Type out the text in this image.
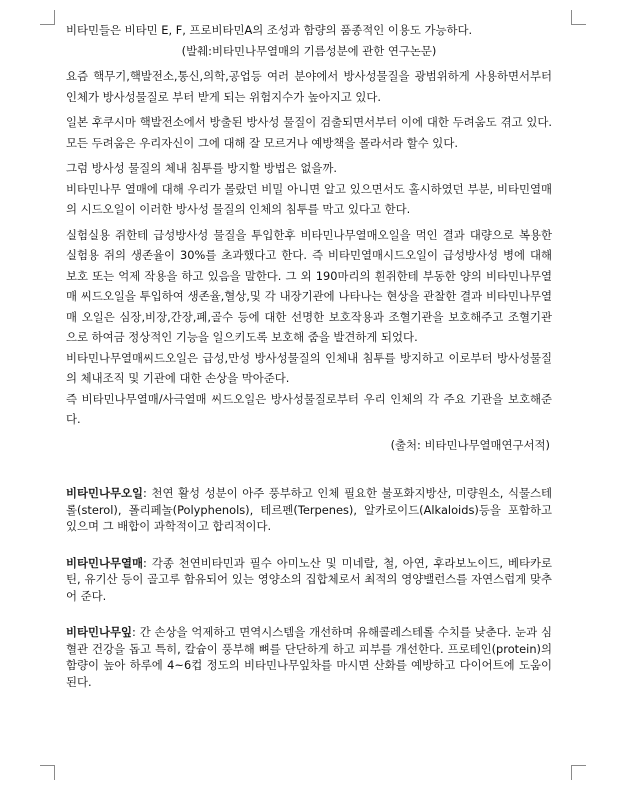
비타민들은 비타민 E, F, 프로비타민A의 조성과 함량의 품종적인 이용도 가능하다.

(발췌:비타민나무열매의 기름성분에 관한 연구논문)

요즘 핵무기,핵발전소,통신,의학,공업등 여러 분야에서 방사성물질을 광범위하게 사용하면서부터 인체가 방사성물질로 부터 받게 되는 위험지수가 높아지고 있다.

일본 후쿠시마 핵발전소에서 방출된 방사성 물질이 검출되면서부터 이에 대한 두려움도 겪고 있다. 모든 두려움은 우리자신이 그에 대해 잘 모르거나 예방책을 몰라서라 할수 있다.

그럼 방사성 물질의 체내 침투를 방지할 방법은 없을까.

비타민나무 열매에 대해 우리가 몰랐던 비밀 아니면 알고 있으면서도 홀시하였던 부분, 비타민열매의 시드오일이 이러한 방사성 물질의 인체의 침투를 막고 있다고 한다.

실험실용 쥐한테 급성방사성 물질을 투입한후 비타민나무열매오일을 먹인 결과 대량으로 복용한 실험용 쥐의 생존율이 30%를 초과했다고 한다. 즉 비타민열매시드오일이 급성방사성 병에 대해 보호 또는 억제 작용을 하고 있음을 말한다. 그 외 190마리의 흰쥐한테 부동한 양의 비타민나무열매 씨드오일을 투입하여 생존율,혈상,및 각 내장기관에 나타나는 현상을 관찰한 결과 비타민나무열매 오일은 심장,비장,간장,폐,골수 등에 대한 선명한 보호작용과 조혈기관을 보호해주고 조혈기관으로 하여금 정상적인 기능을 일으키도록 보호해 줌을 발견하게 되었다.

비타민나무열매씨드오일은 급성,만성 방사성물질의 인체내 침투를 방지하고 이로부터 방사성물질의 체내조직 및 기관에 대한 손상을 막아준다.

즉 비타민나무열매/사극열매 씨드오일은 방사성물질로부터 우리 인체의 각 주요 기관을 보호해준다.

(출처: 비타민나무열매연구서적)

비타민나무오일: 천연 활성 성분이 아주 풍부하고 인체 필요한 불포화지방산, 미량원소, 식물스테롤(sterol), 폴리페놀(Polyphenols), 테르펜(Terpenes), 알카로이드(Alkaloids)등을 포함하고 있으며 그 배합이 과학적이고 합리적이다.

비타민나무열매: 각종 천연비타민과 필수 아미노산 및 미네랄, 철, 아연, 후라보노이드, 베타카로틴, 유기산 등이 골고루 함유되어 있는 영양소의 집합체로서 최적의 영양밸런스를 자연스럽게 맞추어 준다.

비타민나무잎: 간 손상을 억제하고 면역시스템을 개선하며 유해콜레스테롤 수치를 낮춘다. 눈과 심혈관 건강을 돕고 특히, 칼슘이 풍부해 뼈를 단단하게 하고 피부를 개선한다. 프로테인(protein)의 함량이 높아 하루에 4~6컵 정도의 비타민나무잎차를 마시면 산화를 예방하고 다이어트에 도움이 된다.
